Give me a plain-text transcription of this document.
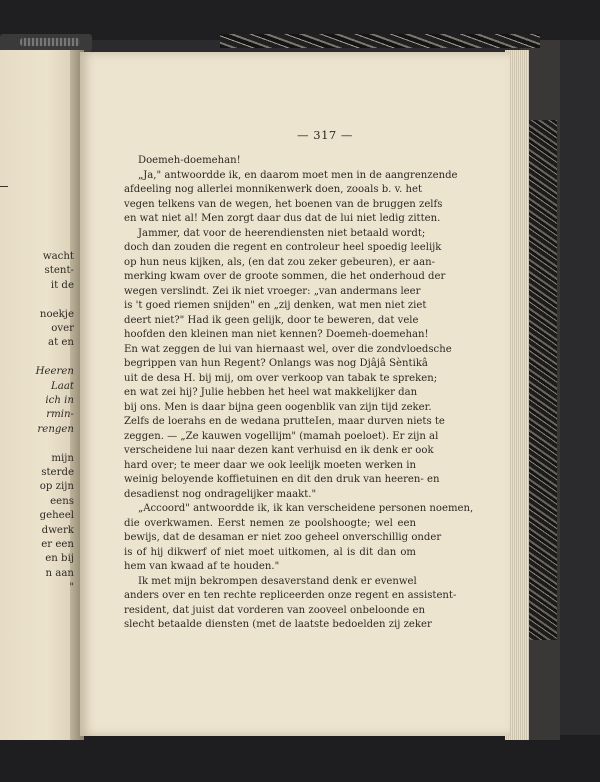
wacht
stent-
it de
noekje
over
at en
Heeren
Laat
ich in
rmin-
rengen
mijn
sterde
op zijn
eens
geheel
dwerk
er een
en bij
n aan
"
— 317 —
Doemeh-doemehan!
„Ja," antwoordde ik, en daarom moet men in de aangrenzende
afdeeling nog allerlei monnikenwerk doen, zooals b. v. het
vegen telkens van de wegen, het boenen van de bruggen zelfs
en wat niet al! Men zorgt daar dus dat de lui niet ledig zitten.
Jammer, dat voor de heerendiensten niet betaald wordt;
doch dan zouden die regent en controleur heel spoedig leelijk
op hun neus kijken, als, (en dat zou zeker gebeuren), er aan-
merking kwam over de groote sommen, die het onderhoud der
wegen verslindt. Zei ik niet vroeger: „van andermans leer
is 't goed riemen snijden" en „zij denken, wat men niet ziet
deert niet?" Had ik geen gelijk, door te beweren, dat vele
hoofden den kleinen man niet kennen? Doemeh-doemehan!
En wat zeggen de lui van hiernaast wel, over die zondvloedsche
begrippen van hun Regent? Onlangs was nog Djâjâ Sèntikâ
uit de desa H. bij mij, om over verkoop van tabak te spreken;
en wat zei hij? Julie hebben het heel wat makkelijker dan
bij ons. Men is daar bijna geen oogenblik van zijn tijd zeker.
Zelfs de loerahs en de wedana prutteIen, maar durven niets te
zeggen. — „Ze kauwen vogellijm" (mamah poeloet). Er zijn al
verscheidene lui naar dezen kant verhuisd en ik denk er ook
hard over; te meer daar we ook leelijk moeten werken in
weinig beloyende koffietuinen en dit den druk van heeren- en
desadienst nog ondragelijker maakt."
„Accoord" antwoordde ik, ik kan verscheidene personen noemen,
die overkwamen. Eerst nemen ze poolshoogte; wel een
bewijs, dat de desaman er niet zoo geheel onverschillig onder
is of hij dikwerf of niet moet uitkomen, al is dit dan om
hem van kwaad af te houden."
Ik met mijn bekrompen desaverstand denk er evenwel
anders over en ten rechte repliceerden onze regent en assistent-
resident, dat juist dat vorderen van zooveel onbeloonde en
slecht betaalde diensten (met de laatste bedoelden zij zeker
